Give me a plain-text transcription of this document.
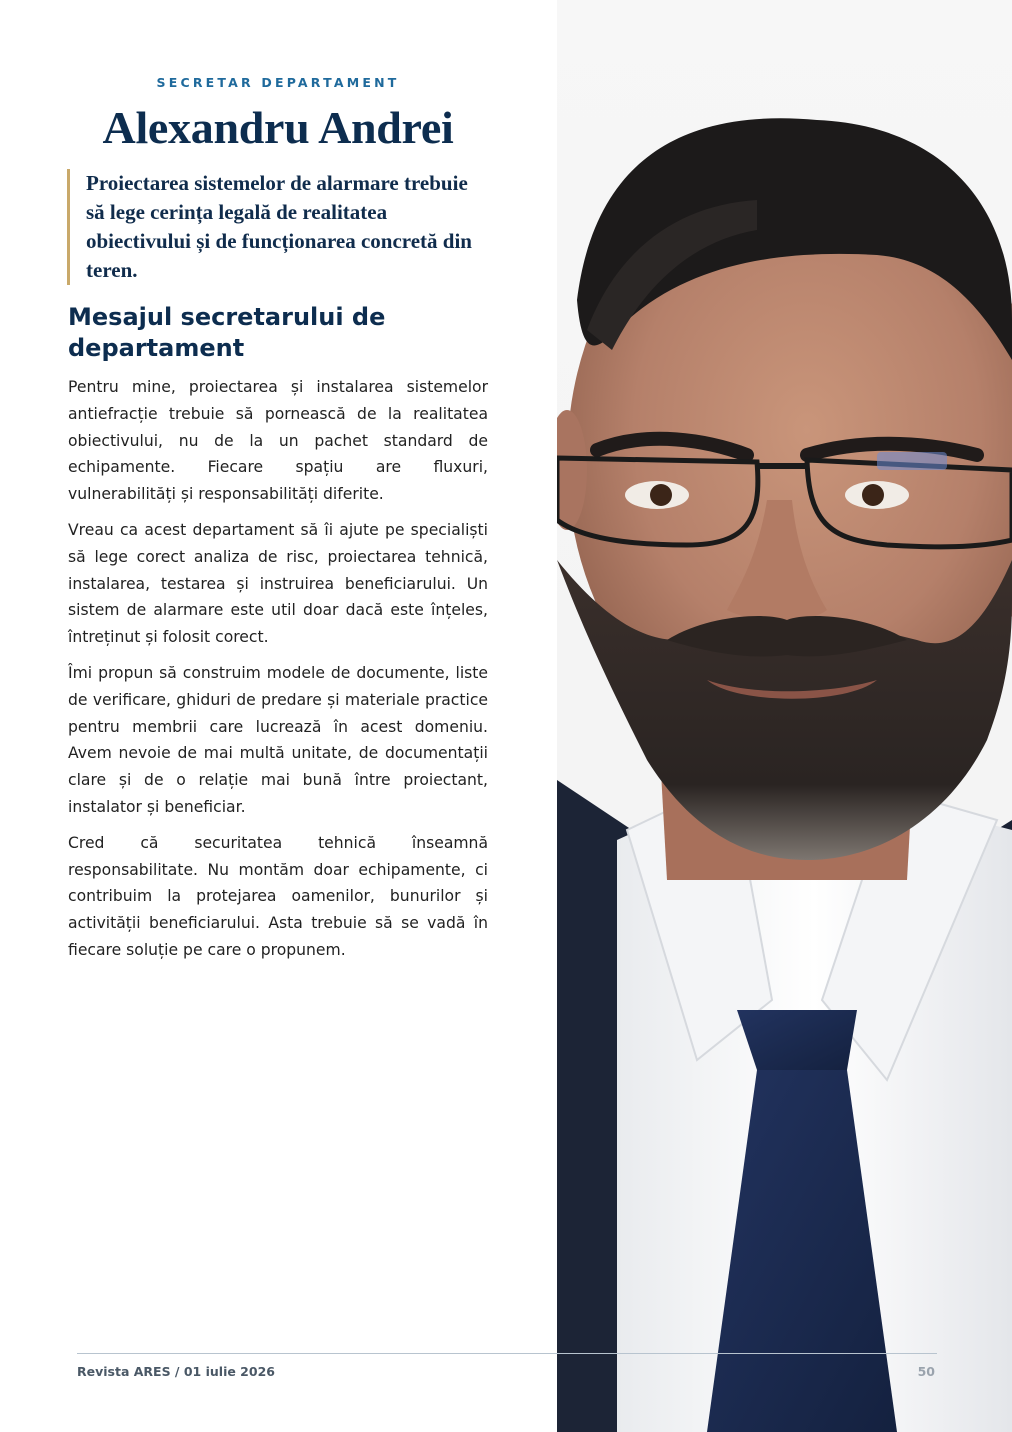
SECRETAR DEPARTAMENT
Alexandru Andrei

Proiectarea sistemelor de alarmare trebuie să lege cerința legală de realitatea obiectivului și de funcționarea concretă din teren.

Mesajul secretarului de departament

Pentru mine, proiectarea și instalarea sistemelor antiefracție trebuie să pornească de la realitatea obiectivului, nu de la un pachet standard de echipamente. Fiecare spațiu are fluxuri, vulnerabilități și responsabilități diferite.

Vreau ca acest departament să îi ajute pe specialiști să lege corect analiza de risc, proiectarea tehnică, instalarea, testarea și instruirea beneficiarului. Un sistem de alarmare este util doar dacă este înțeles, întreținut și folosit corect.

Îmi propun să construim modele de documente, liste de verificare, ghiduri de predare și materiale practice pentru membrii care lucrează în acest domeniu. Avem nevoie de mai multă unitate, de documentații clare și de o relație mai bună între proiectant, instalator și beneficiar.

Cred că securitatea tehnică înseamnă responsabilitate. Nu montăm doar echipamente, ci contribuim la protejarea oamenilor, bunurilor și activității beneficiarului. Asta trebuie să se vadă în fiecare soluție pe care o propunem.

Revista ARES / 01 iulie 2026	50
